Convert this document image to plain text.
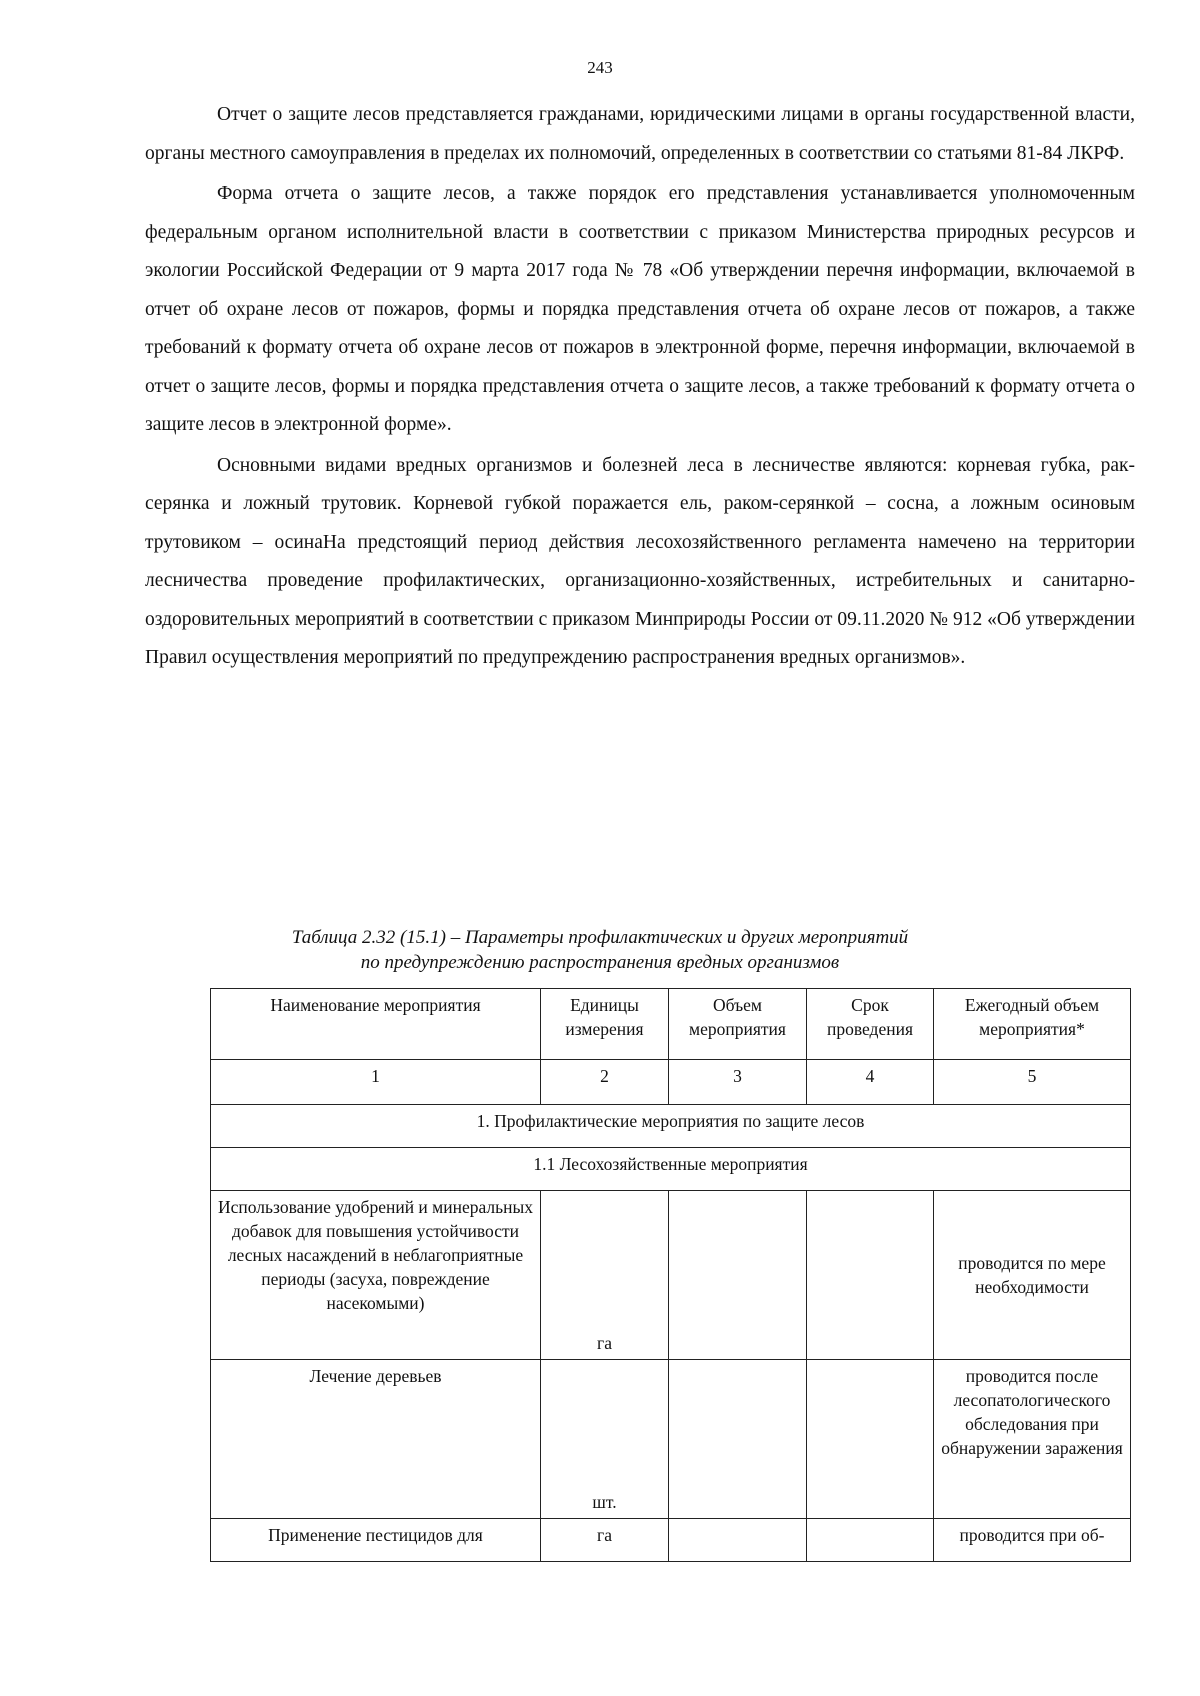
243

Отчет о защите лесов представляется гражданами, юридическими лицами в органы государственной власти, органы местного самоуправления в пределах их полномочий, определенных в соответствии со статьями 81-84 ЛКРФ.

Форма отчета о защите лесов, а также порядок его представления устанавливается уполномоченным федеральным органом исполнительной власти в соответствии с приказом Министерства природных ресурсов и экологии Российской Федерации от 9 марта 2017 года № 78 «Об утверждении перечня информации, включаемой в отчет об охране лесов от пожаров, формы и порядка представления отчета об охране лесов от пожаров, а также требований к формату отчета об охране лесов от пожаров в электронной форме, перечня информации, включаемой в отчет о защите лесов, формы и порядка представления отчета о защите лесов, а также требований к формату отчета о защите лесов в электронной форме».

Основными видами вредных организмов и болезней леса в лесничестве являются: корневая губка, рак-серянка и ложный трутовик. Корневой губкой поражается ель, раком-серянкой – сосна, а ложным осиновым трутовиком – осинаНа предстоящий период действия лесохозяйственного регламента намечено на территории лесничества проведение профилактических, организационно-хозяйственных, истребительных и санитарно-оздоровительных мероприятий в соответствии с приказом Минприроды России от 09.11.2020 № 912 «Об утверждении Правил осуществления мероприятий по предупреждению распространения вредных организмов».

Таблица 2.32 (15.1) – Параметры профилактических и других мероприятий
по предупреждению распространения вредных организмов
Наименование мероприятия	Единицы измерения	Объем мероприятия	Срок проведения	Ежегодный объем мероприятия*
1	2	3	4	5
1. Профилактические мероприятия по защите лесов				
1.1 Лесохозяйственные мероприятия				
Использование удобрений и минеральных добавок для повышения устойчивости лесных насаждений в неблагоприятные периоды (засуха, повреждение насекомыми)	га			проводится по мере необходимости
Лечение деревьев	шт.			проводится после лесопатологического обследования при обнаружении заражения
Применение пестицидов для	га			проводится при об-
